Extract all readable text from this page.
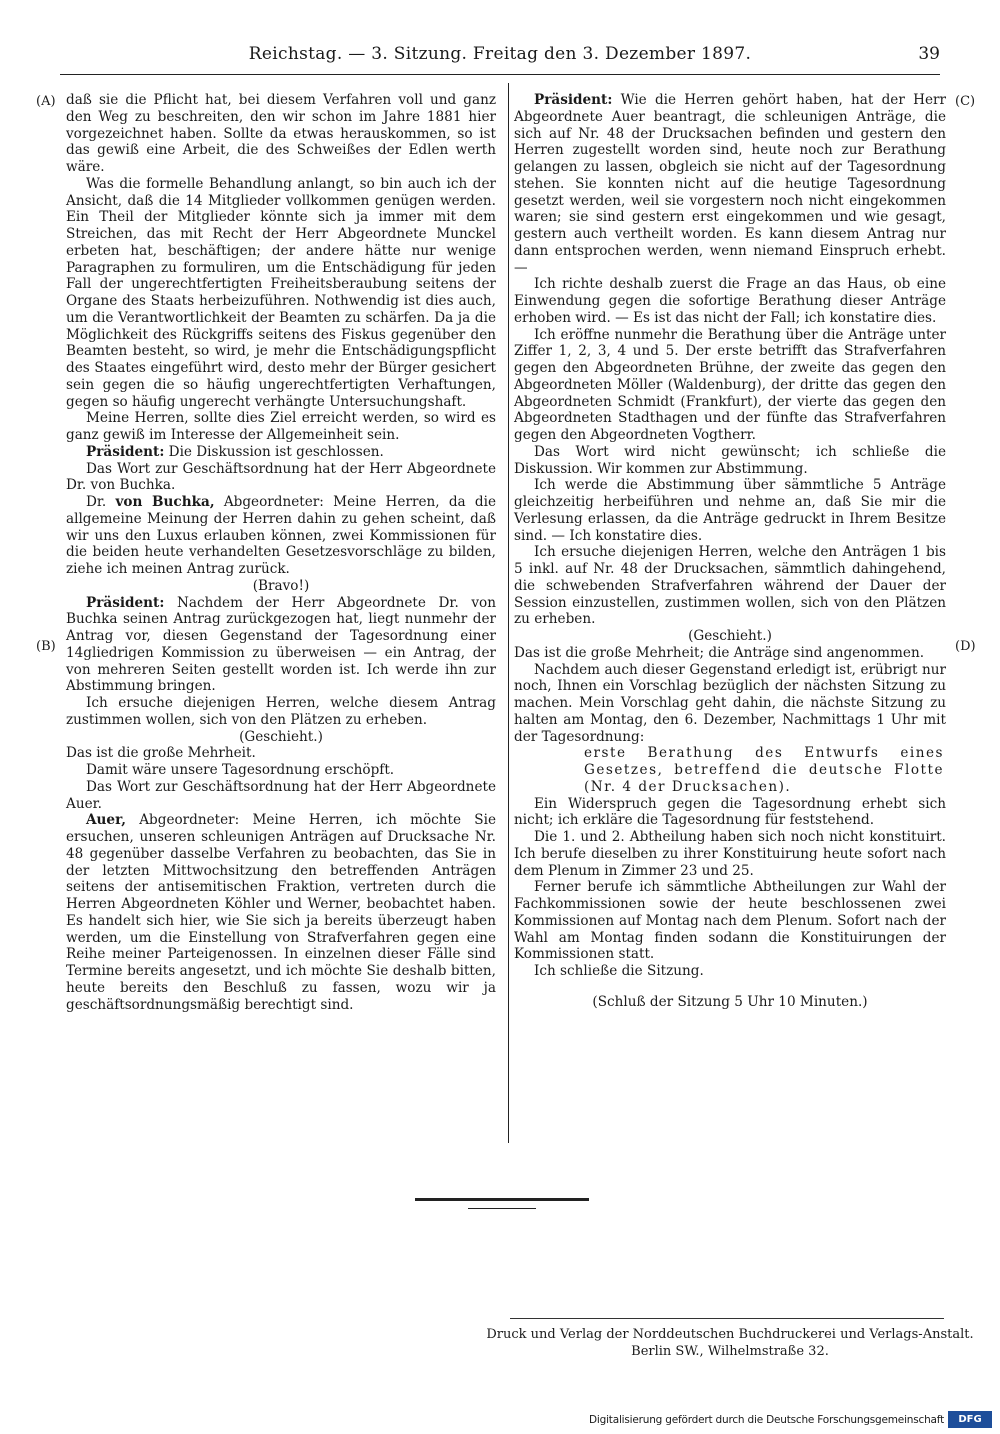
Reichstag. — 3. Sitzung. Freitag den 3. Dezember 1897.	39
(A)
(B)
(C)
(D)

daß sie die Pflicht hat, bei diesem Verfahren voll und ganz den Weg zu beschreiten, den wir schon im Jahre 1881 hier vorgezeichnet haben. Sollte da etwas herauskommen, so ist das gewiß eine Arbeit, die des Schweißes der Edlen werth wäre.

Was die formelle Behandlung anlangt, so bin auch ich der Ansicht, daß die 14 Mitglieder vollkommen genügen werden. Ein Theil der Mitglieder könnte sich ja immer mit dem Streichen, das mit Recht der Herr Abgeordnete Munckel erbeten hat, beschäftigen; der andere hätte nur wenige Paragraphen zu formuliren, um die Entschädigung für jeden Fall der ungerechtfertigten Freiheitsberaubung seitens der Organe des Staats herbeizuführen. Nothwendig ist dies auch, um die Verantwortlichkeit der Beamten zu schärfen. Da ja die Möglichkeit des Rückgriffs seitens des Fiskus gegenüber den Beamten besteht, so wird, je mehr die Entschädigungspflicht des Staates eingeführt wird, desto mehr der Bürger gesichert sein gegen die so häufig ungerechtfertigten Verhaftungen, gegen so häufig ungerecht verhängte Untersuchungshaft.

Meine Herren, sollte dies Ziel erreicht werden, so wird es ganz gewiß im Interesse der Allgemeinheit sein.

Präsident: Die Diskussion ist geschlossen.

Das Wort zur Geschäftsordnung hat der Herr Abgeordnete Dr. von Buchka.

Dr. von Buchka, Abgeordneter: Meine Herren, da die allgemeine Meinung der Herren dahin zu gehen scheint, daß wir uns den Luxus erlauben können, zwei Kommissionen für die beiden heute verhandelten Gesetzesvorschläge zu bilden, ziehe ich meinen Antrag zurück.

(Bravo!)

Präsident: Nachdem der Herr Abgeordnete Dr. von Buchka seinen Antrag zurückgezogen hat, liegt nunmehr der Antrag vor, diesen Gegenstand der Tagesordnung einer 14gliedrigen Kommission zu überweisen — ein Antrag, der von mehreren Seiten gestellt worden ist. Ich werde ihn zur Abstimmung bringen.

Ich ersuche diejenigen Herren, welche diesem Antrag zustimmen wollen, sich von den Plätzen zu erheben.

(Geschieht.)

Das ist die große Mehrheit.

Damit wäre unsere Tagesordnung erschöpft.

Das Wort zur Geschäftsordnung hat der Herr Abgeordnete Auer.

Auer, Abgeordneter: Meine Herren, ich möchte Sie ersuchen, unseren schleunigen Anträgen auf Drucksache Nr. 48 gegenüber dasselbe Verfahren zu beobachten, das Sie in der letzten Mittwochsitzung den betreffenden Anträgen seitens der antisemitischen Fraktion, vertreten durch die Herren Abgeordneten Köhler und Werner, beobachtet haben. Es handelt sich hier, wie Sie sich ja bereits überzeugt haben werden, um die Einstellung von Strafverfahren gegen eine Reihe meiner Parteigenossen. In einzelnen dieser Fälle sind Termine bereits angesetzt, und ich möchte Sie deshalb bitten, heute bereits den Beschluß zu fassen, wozu wir ja geschäftsordnungsmäßig berechtigt sind.

Präsident: Wie die Herren gehört haben, hat der Herr Abgeordnete Auer beantragt, die schleunigen Anträge, die sich auf Nr. 48 der Drucksachen befinden und gestern den Herren zugestellt worden sind, heute noch zur Berathung gelangen zu lassen, obgleich sie nicht auf der Tagesordnung stehen. Sie konnten nicht auf die heutige Tagesordnung gesetzt werden, weil sie vorgestern noch nicht eingekommen waren; sie sind gestern erst eingekommen und wie gesagt, gestern auch vertheilt worden. Es kann diesem Antrag nur dann entsprochen werden, wenn niemand Einspruch erhebt. —

Ich richte deshalb zuerst die Frage an das Haus, ob eine Einwendung gegen die sofortige Berathung dieser Anträge erhoben wird. — Es ist das nicht der Fall; ich konstatire dies.

Ich eröffne nunmehr die Berathung über die Anträge unter Ziffer 1, 2, 3, 4 und 5. Der erste betrifft das Strafverfahren gegen den Abgeordneten Brühne, der zweite das gegen den Abgeordneten Möller (Waldenburg), der dritte das gegen den Abgeordneten Schmidt (Frankfurt), der vierte das gegen den Abgeordneten Stadthagen und der fünfte das Strafverfahren gegen den Abgeordneten Vogtherr.

Das Wort wird nicht gewünscht; ich schließe die Diskussion. Wir kommen zur Abstimmung.

Ich werde die Abstimmung über sämmtliche 5 Anträge gleichzeitig herbeiführen und nehme an, daß Sie mir die Verlesung erlassen, da die Anträge gedruckt in Ihrem Besitze sind. — Ich konstatire dies.

Ich ersuche diejenigen Herren, welche den Anträgen 1 bis 5 inkl. auf Nr. 48 der Drucksachen, sämmtlich dahingehend, die schwebenden Strafverfahren während der Dauer der Session einzustellen, zustimmen wollen, sich von den Plätzen zu erheben.

(Geschieht.)

Das ist die große Mehrheit; die Anträge sind angenommen.

Nachdem auch dieser Gegenstand erledigt ist, erübrigt nur noch, Ihnen ein Vorschlag bezüglich der nächsten Sitzung zu machen. Mein Vorschlag geht dahin, die nächste Sitzung zu halten am Montag, den 6. Dezember, Nachmittags 1 Uhr mit der Tagesordnung:

erste Berathung des Entwurfs eines Gesetzes, betreffend die deutsche Flotte (Nr. 4 der Drucksachen).

Ein Widerspruch gegen die Tagesordnung erhebt sich nicht; ich erkläre die Tagesordnung für feststehend.

Die 1. und 2. Abtheilung haben sich noch nicht konstituirt. Ich berufe dieselben zu ihrer Konstituirung heute sofort nach dem Plenum in Zimmer 23 und 25.

Ferner berufe ich sämmtliche Abtheilungen zur Wahl der Fachkommissionen sowie der heute beschlossenen zwei Kommissionen auf Montag nach dem Plenum. Sofort nach der Wahl am Montag finden sodann die Konstituirungen der Kommissionen statt.

Ich schließe die Sitzung.

(Schluß der Sitzung 5 Uhr 10 Minuten.)

Druck und Verlag der Norddeutschen Buchdruckerei und Verlags-Anstalt.
Berlin SW., Wilhelmstraße 32.
Digitalisierung gefördert durch die Deutsche Forschungsgemeinschaft	DFG
